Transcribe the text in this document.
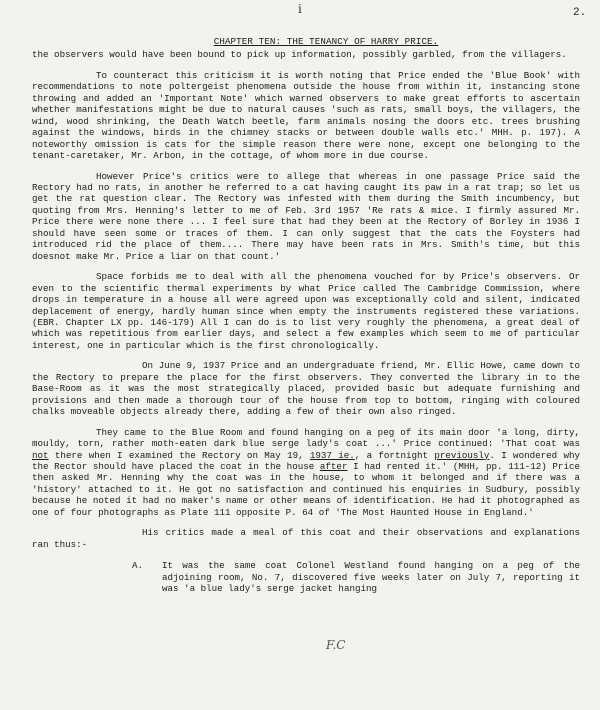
i	2.
CHAPTER TEN: THE TENANCY OF HARRY PRICE.

the observers would have been bound to pick up information, possibly garbled, from the villagers.

To counteract this criticism it is worth noting that Price ended the 'Blue Book' with recommendations to note poltergeist phenomena outside the house from within it, instancing stone throwing and added an 'Important Note' which warned observers to make great efforts to ascertain whether manifestations might be due to natural causes 'such as rats, small boys, the villagers, the wind, wood shrinking, the Death Watch beetle, farm animals nosing the doors etc. trees brushing against the windows, birds in the chimney stacks or between double walls etc.' MHH. p. 197). A noteworthy omission is cats for the simple reason there were none, except one belonging to the tenant-caretaker, Mr. Arbon, in the cottage, of whom more in due course.

However Price's critics were to allege that whereas in one passage Price said the Rectory had no rats, in another he referred to a cat having caught its paw in a rat trap; so let us get the rat question clear. The Rectory was infested with them during the Smith incumbency, but quoting from Mrs. Henning's letter to me of Feb. 3rd 1957 'Re rats & mice. I firmly assured Mr. Price there were none there ... I feel sure that had they been at the Rectory of Borley in 1936 I should have seen some or traces of them. I can only suggest that the cats the Foysters had introduced rid the place of them.... There may have been rats in Mrs. Smith's time, but this doesnot make Mr. Price a liar on that count.'

Space forbids me to deal with all the phenomena vouched for by Price's observers. Or even to the scientific thermal experiments by what Price called The Cambridge Commission, where drops in temperature in a house all were agreed upon was exceptionally cold and silent, indicated deplacement of energy, hardly human since when empty the instruments registered these variations.(EBR. Chapter LX pp. 146-179) All I can do is to list very roughly the phenomena, a great deal of which was repetitious from earlier days, and select a few examples which seem to me of particular interest, one in particular which is the first chronologically.

On June 9, 1937 Price and an undergraduate friend, Mr. Ellic Howe, came down to the Rectory to prepare the place for the first observers. They converted the library in to the Base-Room as it was the most strategically placed, provided basic but adequate furnishing and provisions and then made a thorough tour of the house from top to bottom, ringing with coloured chalks moveable objects already there, adding a few of their own also ringed.

They came to the Blue Room and found hanging on a peg of its main door 'a long, dirty, mouldy, torn, rather moth-eaten dark blue serge lady's coat ...' Price continued: 'That coat was not there when I examined the Rectory on May 19, 1937 ie., a fortnight previously. I wondered why the Rector should have placed the coat in the house after I had rented it.' (MHH, pp. 111-12) Price then asked Mr. Henning why the coat was in the house, to whom it belonged and if there was a 'history' attached to it. He got no satisfaction and continued his enquiries in Sudbury, possibly because he noted it had no maker's name or other means of identification. He had it photographed as one of four photographs as Plate 111 opposite P. 64 of 'The Most Haunted House in England.'

His critics made a meal of this coat and their observations and explanations ran thus:-

A. It was the same coat Colonel Westland found hanging on a peg of the adjoining room, No. 7, discovered five weeks later on July 7, reporting it was 'a blue lady's serge jacket hanging

F.C
